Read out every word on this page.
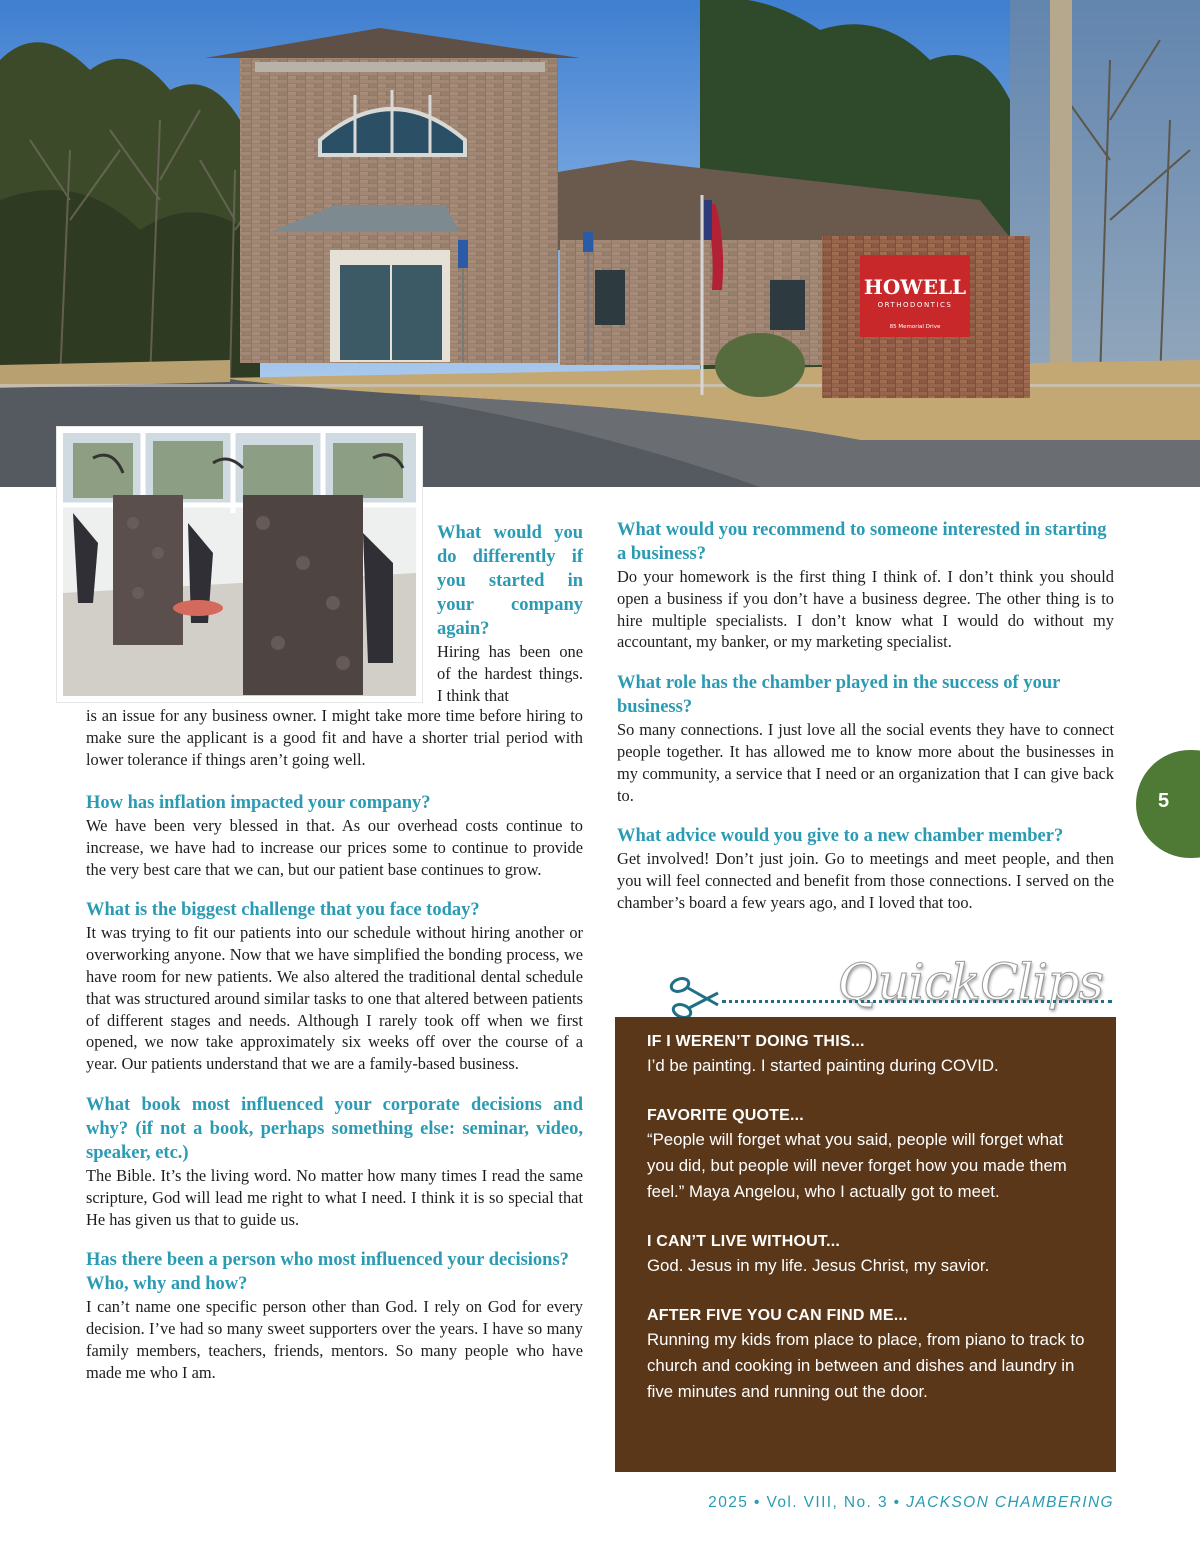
HOWELL
ORTHODONTICS
85 Memorial Drive
What would you do differently if you started in your company again?
Hiring has been one of the hardest things. I think that
is an issue for any business owner. I might take more time before hiring to make sure the applicant is a good fit and have a shorter trial period with lower tolerance if things aren’t going well.
How has inflation impacted your company?
We have been very blessed in that. As our overhead costs continue to increase, we have had to increase our prices some to continue to provide the very best care that we can, but our patient base continues to grow.
What is the biggest challenge that you face today?
It was trying to fit our patients into our schedule without hiring another or overworking anyone. Now that we have simplified the bonding process, we have room for new patients. We also altered the traditional dental schedule that was structured around similar tasks to one that altered between patients of different stages and needs. Although I rarely took off when we first opened, we now take approximately six weeks off over the course of a year. Our patients understand that we are a family-based business.
What book most influenced your corporate decisions and why? (if not a book, perhaps something else: seminar, video, speaker, etc.)
The Bible. It’s the living word. No matter how many times I read the same scripture, God will lead me right to what I need. I think it is so special that He has given us that to guide us.
Has there been a person who most influenced your decisions? Who, why and how?
I can’t name one specific person other than God. I rely on God for every decision. I’ve had so many sweet supporters over the years. I have so many family members, teachers, friends, mentors. So many people who have made me who I am.
What would you recommend to someone interested in starting a business?
Do your homework is the first thing I think of. I don’t think you should open a business if you don’t have a business degree. The other thing is to hire multiple specialists. I don’t know what I would do without my accountant, my banker, or my marketing specialist.
What role has the chamber played in the success of your business?
So many connections. I just love all the social events they have to connect people together. It has allowed me to know more about the businesses in my community, a service that I need or an organization that I can give back to.
What advice would you give to a new chamber member?
Get involved! Don’t just join. Go to meetings and meet people, and then you will feel connected and benefit from those connections. I served on the chamber’s board a few years ago, and I loved that too.
QuickClips
IF I WEREN’T DOING THIS...
I’d be painting. I started painting during COVID.
FAVORITE QUOTE...
“People will forget what you said, people will forget what you did, but people will never forget how you made them feel.” Maya Angelou, who I actually got to meet.
I CAN’T LIVE WITHOUT...
God. Jesus in my life. Jesus Christ, my savior.
AFTER FIVE YOU CAN FIND ME...
Running my kids from place to place, from piano to track to church and cooking in between and dishes and laundry in five minutes and running out the door.
5
2025 • Vol. VIII, No. 3 • JACKSON CHAMBERING
